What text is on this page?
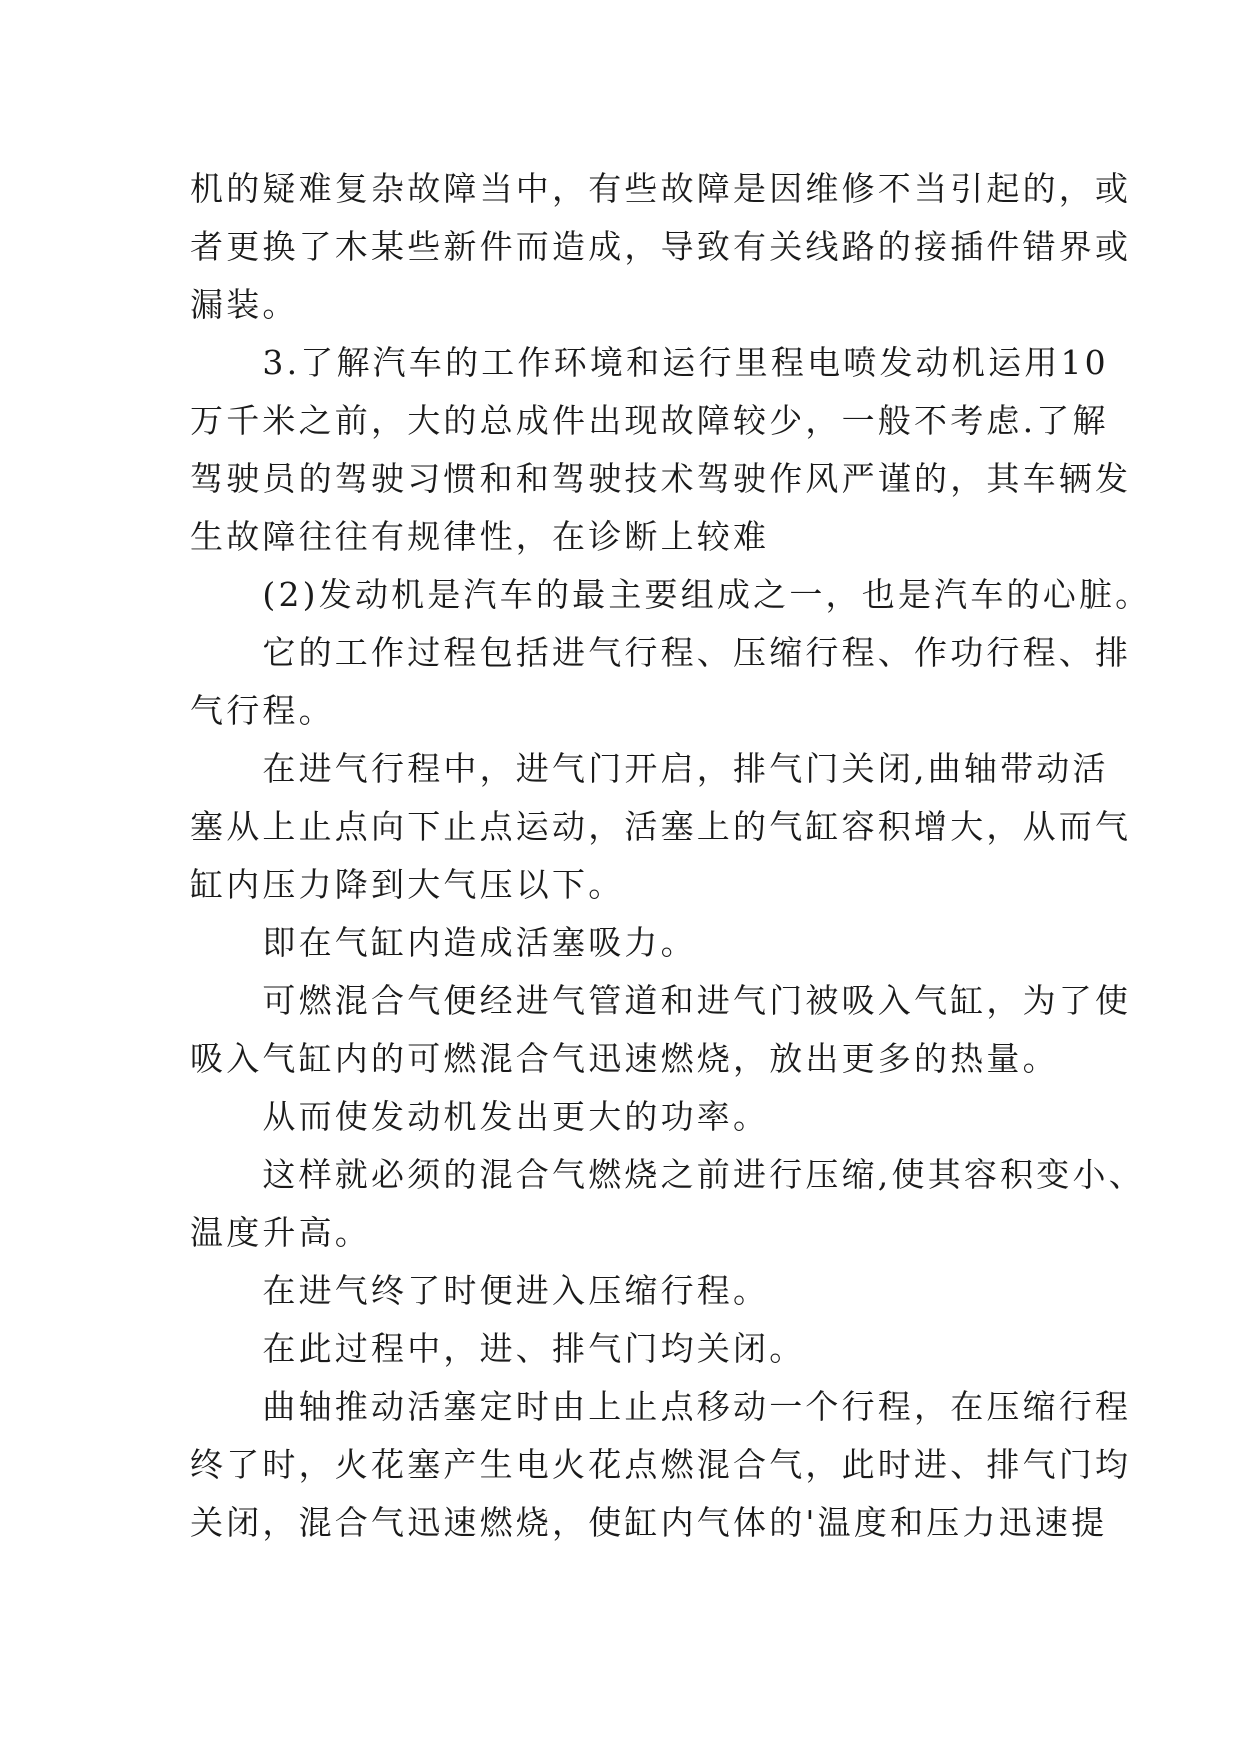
机的疑难复杂故障当中，有些故障是因维修不当引起的，或

者更换了木某些新件而造成，导致有关线路的接插件错界或

漏装。

　　3.了解汽车的工作环境和运行里程电喷发动机运用10

万千米之前，大的总成件出现故障较少，一般不考虑.了解

驾驶员的驾驶习惯和和驾驶技术驾驶作风严谨的，其车辆发

生故障往往有规律性，在诊断上较难

　　(2)发动机是汽车的最主要组成之一，也是汽车的心脏。

　　它的工作过程包括进气行程、压缩行程、作功行程、排

气行程。

　　在进气行程中，进气门开启，排气门关闭,曲轴带动活

塞从上止点向下止点运动，活塞上的气缸容积增大，从而气

缸内压力降到大气压以下。

　　即在气缸内造成活塞吸力。

　　可燃混合气便经进气管道和进气门被吸入气缸，为了使

吸入气缸内的可燃混合气迅速燃烧，放出更多的热量。

　　从而使发动机发出更大的功率。

　　这样就必须的混合气燃烧之前进行压缩,使其容积变小、

温度升高。

　　在进气终了时便进入压缩行程。

　　在此过程中，进、排气门均关闭。

　　曲轴推动活塞定时由上止点移动一个行程，在压缩行程

终了时，火花塞产生电火花点燃混合气，此时进、排气门均

关闭，混合气迅速燃烧，使缸内气体的'温度和压力迅速提
